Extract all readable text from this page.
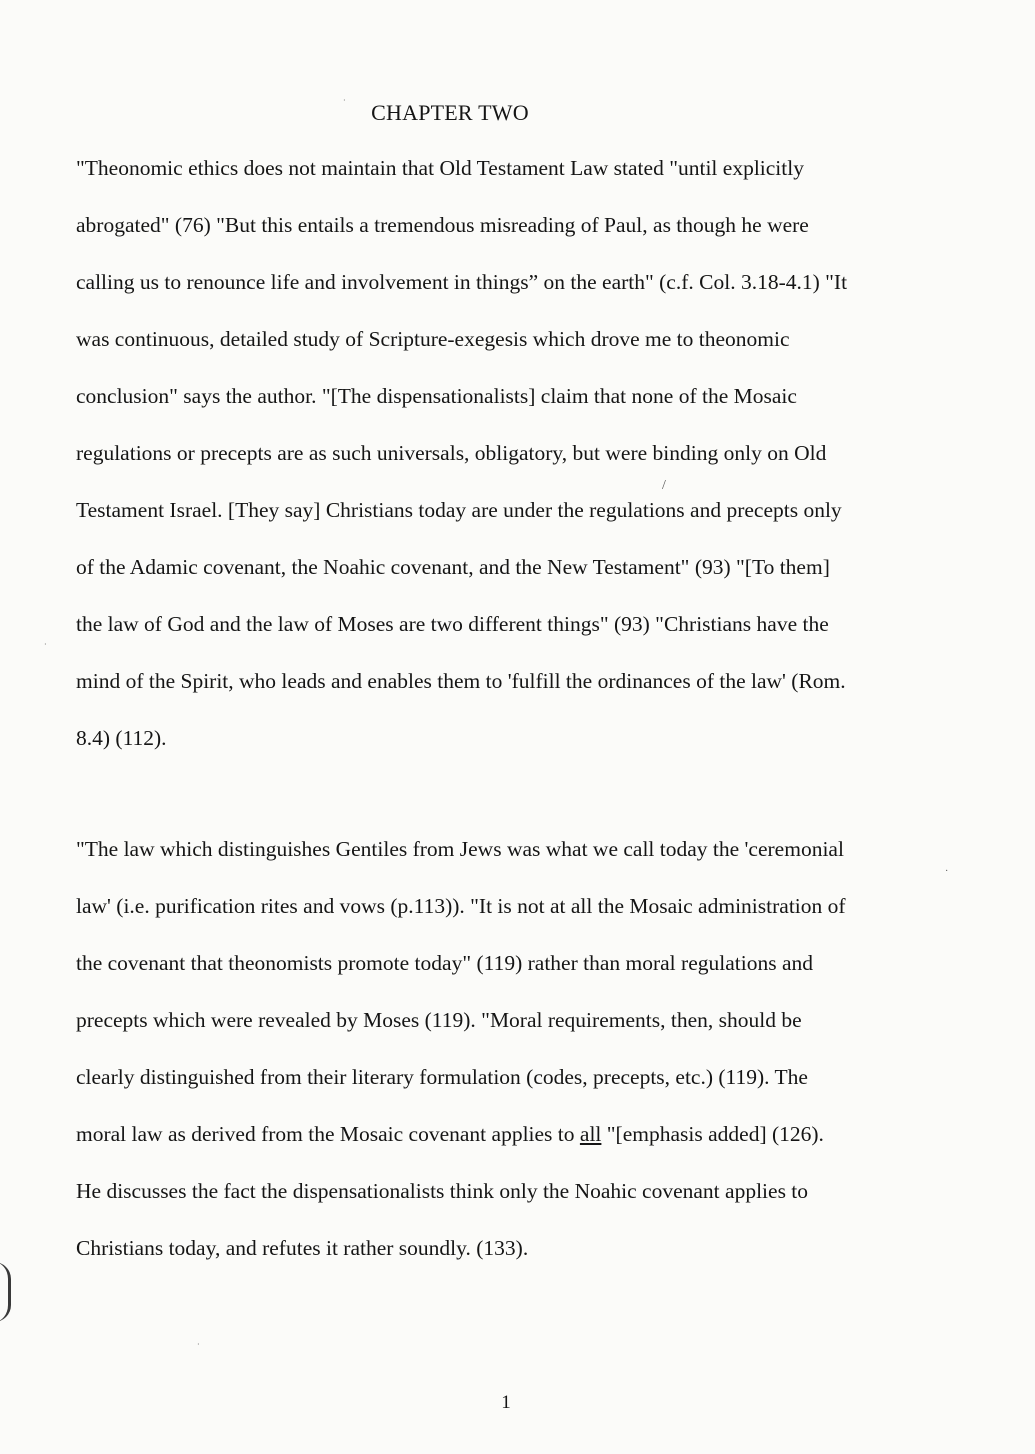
CHAPTER TWO

"Theonomic ethics does not maintain that Old Testament Law stated "until explicitly
abrogated" (76) "But this entails a tremendous misreading of Paul, as though he were
calling us to renounce life and involvement in things” on the earth" (c.f. Col. 3.18-4.1) "It
was continuous, detailed study of Scripture-exegesis which drove me to theonomic
conclusion" says the author. "[The dispensationalists] claim that none of the Mosaic
regulations or precepts are as such universals, obligatory, but were binding only on Old
Testament Israel. [They say] Christians today are under the regulations and precepts only
of the Adamic covenant, the Noahic covenant, and the New Testament" (93) "[To them]
the law of God and the law of Moses are two different things" (93) "Christians have the
mind of the Spirit, who leads and enables them to 'fulfill the ordinances of the law' (Rom.
8.4) (112).

"The law which distinguishes Gentiles from Jews was what we call today the 'ceremonial
law' (i.e. purification rites and vows (p.113)). "It is not at all the Mosaic administration of
the covenant that theonomists promote today" (119) rather than moral regulations and
precepts which were revealed by Moses (119). "Moral requirements, then, should be
clearly distinguished from their literary formulation (codes, precepts, etc.) (119). The
moral law as derived from the Mosaic covenant applies to all "[emphasis added] (126).
He discusses the fact the dispensationalists think only the Noahic covenant applies to
Christians today, and refutes it rather soundly. (133).

1

·
/
·
·
·
